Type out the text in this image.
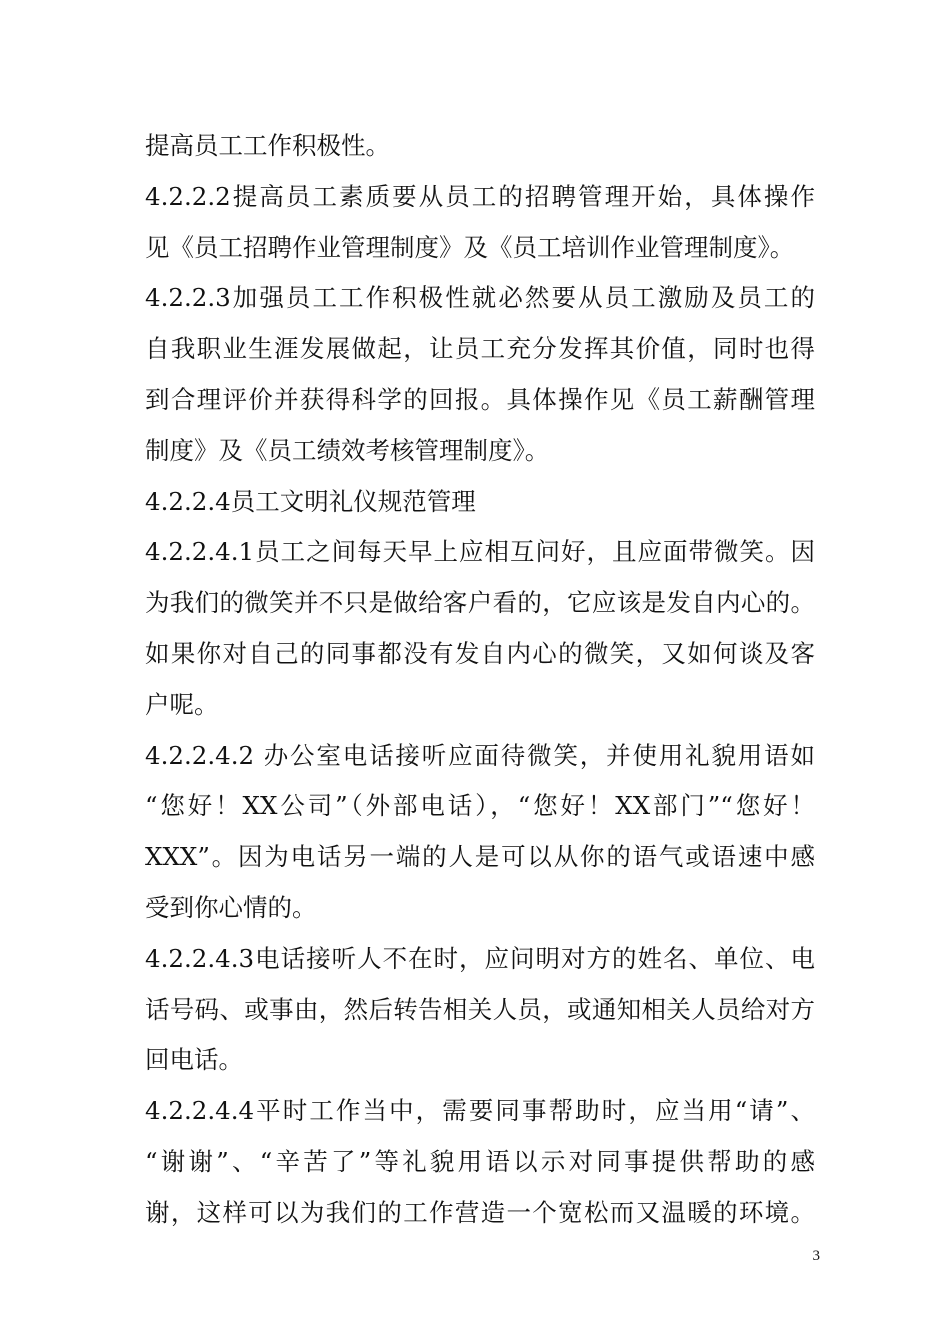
提高员工工作积极性。
4.2.2.2提高员工素质要从员工的招聘管理开始，具体操作
见《员工招聘作业管理制度》及《员工培训作业管理制度》。
4.2.2.3加强员工工作积极性就必然要从员工激励及员工的
自我职业生涯发展做起，让员工充分发挥其价值，同时也得
到合理评价并获得科学的回报。具体操作见《员工薪酬管理
制度》及《员工绩效考核管理制度》。
4.2.2.4员工文明礼仪规范管理
4.2.2.4.1员工之间每天早上应相互问好，且应面带微笑。因
为我们的微笑并不只是做给客户看的，它应该是发自内心的。
如果你对自己的同事都没有发自内心的微笑，又如何谈及客
户呢。
4.2.2.4.2 办公室电话接听应面待微笑，并使用礼貌用语如
“您好！XX公司”（外部电话），“您好！XX部门”“您好！
XXX”。因为电话另一端的人是可以从你的语气或语速中感
受到你心情的。
4.2.2.4.3电话接听人不在时，应问明对方的姓名、单位、电
话号码、或事由，然后转告相关人员，或通知相关人员给对方
回电话。
4.2.2.4.4平时工作当中，需要同事帮助时，应当用“请”、
“谢谢”、“辛苦了”等礼貌用语以示对同事提供帮助的感
谢，这样可以为我们的工作营造一个宽松而又温暖的环境。
3
